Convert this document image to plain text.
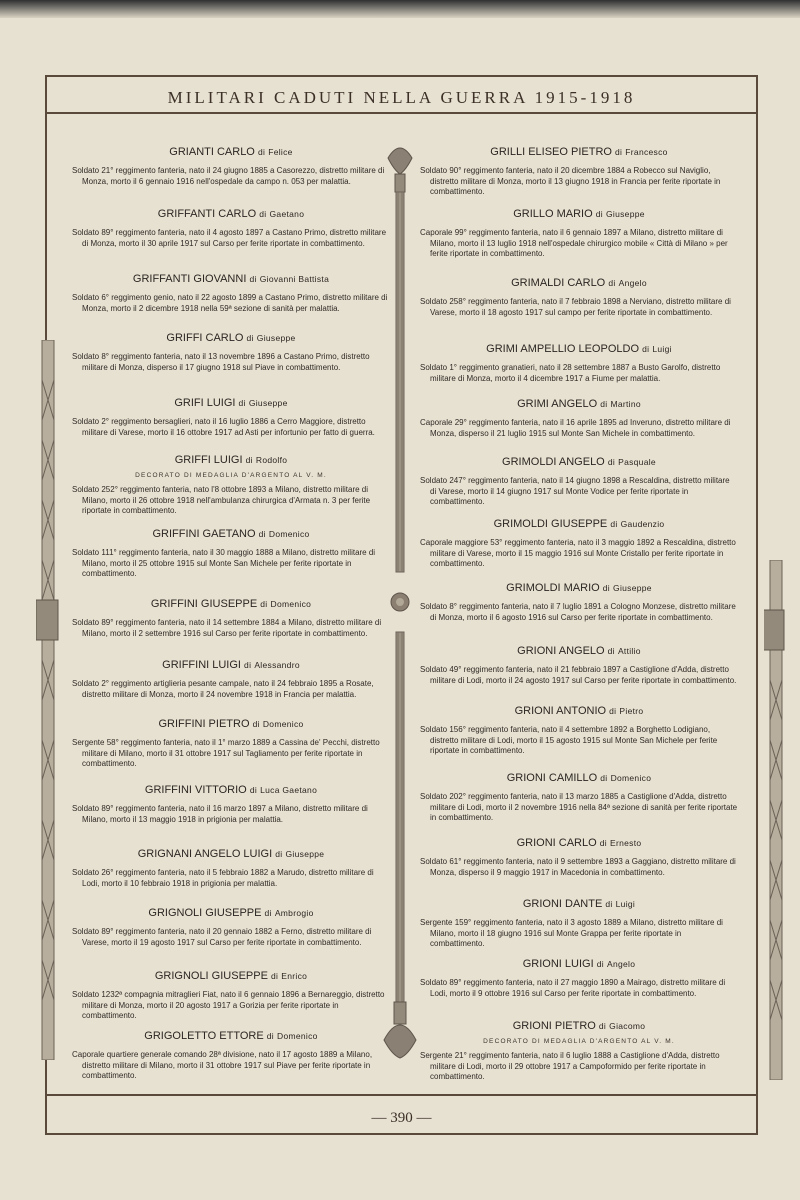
MILITARI CADUTI NELLA GUERRA 1915-1918
— 390 —
GRIANTI CARLO di Felice
Soldato 21° reggimento fanteria, nato il 24 giugno 1885 a Casorezzo, distretto militare di Monza, morto il 6 gennaio 1916 nell'ospedale da campo n. 053 per malattia.
GRIFFANTI CARLO di Gaetano
Soldato 89° reggimento fanteria, nato il 4 agosto 1897 a Castano Primo, distretto militare di Monza, morto il 30 aprile 1917 sul Carso per ferite riportate in combattimento.
GRIFFANTI GIOVANNI di Giovanni Battista
Soldato 6° reggimento genio, nato il 22 agosto 1899 a Castano Primo, distretto militare di Monza, morto il 2 dicembre 1918 nella 59ª sezione di sanità per malattia.
GRIFFI CARLO di Giuseppe
Soldato 8° reggimento fanteria, nato il 13 novembre 1896 a Castano Primo, distretto militare di Monza, disperso il 17 giugno 1918 sul Piave in combattimento.
GRIFI LUIGI di Giuseppe
Soldato 2° reggimento bersaglieri, nato il 16 luglio 1886 a Cerro Maggiore, distretto militare di Varese, morto il 16 ottobre 1917 ad Asti per infortunio per fatto di guerra.
GRIFFI LUIGI di Rodolfo
DECORATO DI MEDAGLIA D'ARGENTO AL V. M.
Soldato 252° reggimento fanteria, nato l'8 ottobre 1893 a Milano, distretto militare di Milano, morto il 26 ottobre 1918 nell'ambulanza chirurgica d'Armata n. 3 per ferite riportate in combattimento.
GRIFFINI GAETANO di Domenico
Soldato 111° reggimento fanteria, nato il 30 maggio 1888 a Milano, distretto militare di Milano, morto il 25 ottobre 1915 sul Monte San Michele per ferite riportate in combattimento.
GRIFFINI GIUSEPPE di Domenico
Soldato 89° reggimento fanteria, nato il 14 settembre 1884 a Milano, distretto militare di Milano, morto il 2 settembre 1916 sul Carso per ferite riportate in combattimento.
GRIFFINI LUIGI di Alessandro
Soldato 2° reggimento artiglieria pesante campale, nato il 24 febbraio 1895 a Rosate, distretto militare di Monza, morto il 24 novembre 1918 in Francia per malattia.
GRIFFINI PIETRO di Domenico
Sergente 58° reggimento fanteria, nato il 1° marzo 1889 a Cassina de' Pecchi, distretto militare di Milano, morto il 31 ottobre 1917 sul Tagliamento per ferite riportate in combattimento.
GRIFFINI VITTORIO di Luca Gaetano
Soldato 89° reggimento fanteria, nato il 16 marzo 1897 a Milano, distretto militare di Milano, morto il 13 maggio 1918 in prigionia per malattia.
GRIGNANI ANGELO LUIGI di Giuseppe
Soldato 26° reggimento fanteria, nato il 5 febbraio 1882 a Marudo, distretto militare di Lodi, morto il 10 febbraio 1918 in prigionia per malattia.
GRIGNOLI GIUSEPPE di Ambrogio
Soldato 89° reggimento fanteria, nato il 20 gennaio 1882 a Ferno, distretto militare di Varese, morto il 19 agosto 1917 sul Carso per ferite riportate in combattimento.
GRIGNOLI GIUSEPPE di Enrico
Soldato 1232ª compagnia mitraglieri Fiat, nato il 6 gennaio 1896 a Bernareggio, distretto militare di Monza, morto il 20 agosto 1917 a Gorizia per ferite riportate in combattimento.
GRIGOLETTO ETTORE di Domenico
Caporale quartiere generale comando 28ª divisione, nato il 17 agosto 1889 a Milano, distretto militare di Milano, morto il 31 ottobre 1917 sul Piave per ferite riportate in combattimento.
GRILLI ELISEO PIETRO di Francesco
Soldato 90° reggimento fanteria, nato il 20 dicembre 1884 a Robecco sul Naviglio, distretto militare di Monza, morto il 13 giugno 1918 in Francia per ferite riportate in combattimento.
GRILLO MARIO di Giuseppe
Caporale 99° reggimento fanteria, nato il 6 gennaio 1897 a Milano, distretto militare di Milano, morto il 13 luglio 1918 nell'ospedale chirurgico mobile « Città di Milano » per ferite riportate in combattimento.
GRIMALDI CARLO di Angelo
Soldato 258° reggimento fanteria, nato il 7 febbraio 1898 a Nerviano, distretto militare di Varese, morto il 18 agosto 1917 sul campo per ferite riportate in combattimento.
GRIMI AMPELLIO LEOPOLDO di Luigi
Soldato 1° reggimento granatieri, nato il 28 settembre 1887 a Busto Garolfo, distretto militare di Monza, morto il 4 dicembre 1917 a Fiume per malattia.
GRIMI ANGELO di Martino
Caporale 29° reggimento fanteria, nato il 16 aprile 1895 ad Inveruno, distretto militare di Monza, disperso il 21 luglio 1915 sul Monte San Michele in combattimento.
GRIMOLDI ANGELO di Pasquale
Soldato 247° reggimento fanteria, nato il 14 giugno 1898 a Rescaldina, distretto militare di Varese, morto il 14 giugno 1917 sul Monte Vodice per ferite riportate in combattimento.
GRIMOLDI GIUSEPPE di Gaudenzio
Caporale maggiore 53° reggimento fanteria, nato il 3 maggio 1892 a Rescaldina, distretto militare di Varese, morto il 15 maggio 1916 sul Monte Cristallo per ferite riportate in combattimento.
GRIMOLDI MARIO di Giuseppe
Soldato 8° reggimento fanteria, nato il 7 luglio 1891 a Cologno Monzese, distretto militare di Monza, morto il 6 agosto 1916 sul Carso per ferite riportate in combattimento.
GRIONI ANGELO di Attilio
Soldato 49° reggimento fanteria, nato il 21 febbraio 1897 a Castiglione d'Adda, distretto militare di Lodi, morto il 24 agosto 1917 sul Carso per ferite riportate in combattimento.
GRIONI ANTONIO di Pietro
Soldato 156° reggimento fanteria, nato il 4 settembre 1892 a Borghetto Lodigiano, distretto militare di Lodi, morto il 15 agosto 1915 sul Monte San Michele per ferite riportate in combattimento.
GRIONI CAMILLO di Domenico
Soldato 202° reggimento fanteria, nato il 13 marzo 1885 a Castiglione d'Adda, distretto militare di Lodi, morto il 2 novembre 1916 nella 84ª sezione di sanità per ferite riportate in combattimento.
GRIONI CARLO di Ernesto
Soldato 61° reggimento fanteria, nato il 9 settembre 1893 a Gaggiano, distretto militare di Monza, disperso il 9 maggio 1917 in Macedonia in combattimento.
GRIONI DANTE di Luigi
Sergente 159° reggimento fanteria, nato il 3 agosto 1889 a Milano, distretto militare di Milano, morto il 18 giugno 1916 sul Monte Grappa per ferite riportate in combattimento.
GRIONI LUIGI di Angelo
Soldato 89° reggimento fanteria, nato il 27 maggio 1890 a Mairago, distretto militare di Lodi, morto il 9 ottobre 1916 sul Carso per ferite riportate in combattimento.
GRIONI PIETRO di Giacomo
DECORATO DI MEDAGLIA D'ARGENTO AL V. M.
Sergente 21° reggimento fanteria, nato il 6 luglio 1888 a Castiglione d'Adda, distretto militare di Lodi, morto il 29 ottobre 1917 a Campoformido per ferite riportate in combattimento.
